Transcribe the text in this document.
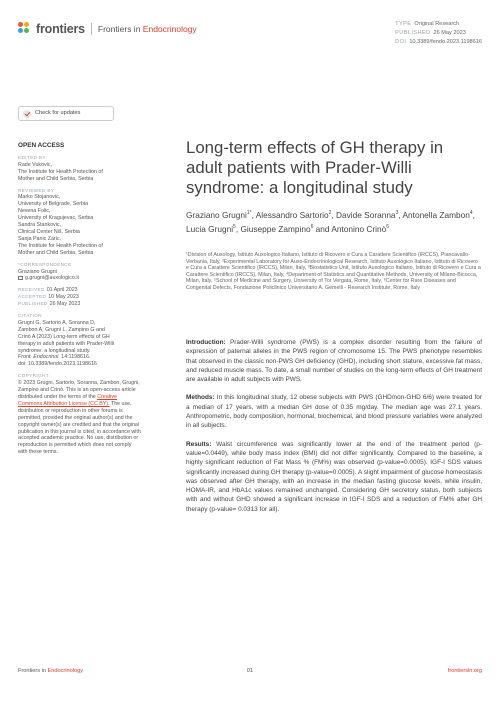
frontiers Frontiers in Endocrinology	TYPE Original Research
PUBLISHED 26 May 2023
DOI 10.3389/fendo.2023.1198616
Check for updates
OPEN ACCESS
EDITED BY
Rade Vukovic,
The Institute for Health Protection of
Mother and Child Serbia, Serbia
REVIEWED BY
Marko Stojanovic,
University of Belgrade, Serbia
Nevena Folic,
University of Kragujevac, Serbia
Sandra Stankovic,
Clinical Center Niš, Serbia
Sanja Panic Zaric,
The Institute for Health Protection of
Mother and Child Serbia, Serbia
*CORRESPONDENCE
Graziano Grugni
g.grugni@auxologico.it
RECEIVED 01 April 2023
ACCEPTED 10 May 2023
PUBLISHED 26 May 2023
CITATION
Grugni G, Sartorio A, Soranna D,
Zambon A, Grugni L, Zampino G and
Crinò A (2023) Long-term effects of GH
therapy in adult patients with Prader-Willi
syndrome: a longitudinal study.
Front. Endocrinol. 14:1198616.
doi: 10.3389/fendo.2023.1198616
COPYRIGHT
© 2023 Grugni, Sartorio, Soranna, Zambon, Grugni, Zampino and Crinò. This is an open-access article distributed under the terms of the Creative Commons Attribution License (CC BY). The use, distribution or reproduction in other forums is permitted, provided the original author(s) and the copyright owner(s) are credited and that the original publication in this journal is cited, in accordance with accepted academic practice. No use, distribution or reproduction is permitted which does not comply with these terms.
Long-term effects of GH therapy in adult patients with Prader-Willi syndrome: a longitudinal study
Graziano Grugni$^{1*}$, Alessandro Sartorio$^2$, Davide Soranna$^3$, Antonella Zambon$^4$, Lucia Grugni$^5$, Giuseppe Zampino$^6$ and Antonino Crinò$^6$
¹Division of Auxology, Istituto Auxologico Italiano, Istituto di Ricovero e Cura a Carattere Scientifico (IRCCS), Piancavallo-Verbania, Italy, ²Experimental Laboratory for Auxo-Endocrinological Research, Istituto Auxologico Italiano, Istituto di Ricovero e Cura a Carattere Scientifico (IRCCS), Milan, Italy, ³Biostatistics Unit, Istituto Auxologico Italiano, Istituto di Ricovero e Cura a Carattere Scientifico (IRCCS), Milan, Italy, ⁴Department of Statistics and Quantitative Methods, University of Milano-Bicocca, Milan, Italy, ⁵School of Medicine and Surgery, University of Tor Vergata, Rome, Italy, ⁶Center for Rare Diseases and Congenital Defects, Fondazione Policlinico Universitario A. Gemelli - Research Institute, Rome, Italy

Introduction: Prader-Willi syndrome (PWS) is a complex disorder resulting from the failure of expression of paternal alleles in the PWS region of chromosome 15. The PWS phenotype resembles that observed in the classic non-PWS GH deficiency (GHD), including short stature, excessive fat mass, and reduced muscle mass. To date, a small number of studies on the long-term effects of GH treatment are available in adult subjects with PWS.

Methods: In this longitudinal study, 12 obese subjects with PWS (GHD/non-GHD 6/6) were treated for a median of 17 years, with a median GH dose of 0.35 mg/day. The median age was 27.1 years. Anthropometric, body composition, hormonal, biochemical, and blood pressure variables were analyzed in all subjects.

Results: Waist circumference was significantly lower at the end of the treatment period (p-value=0.0449), while body mass index (BMI) did not differ significantly. Compared to the baseline, a highly significant reduction of Fat Mass % (FM%) was observed (p-value=0.0005). IGF-I SDS values significantly increased during GH therapy (p-value=0.0005). A slight impairment of glucose homeostasis was observed after GH therapy, with an increase in the median fasting glucose levels, while insulin, HOMA-IR, and HbA1c values remained unchanged. Considering GH secretory status, both subjects with and without GHD showed a significant increase in IGF-I SDS and a reduction of FM% after GH therapy (p-value= 0.0313 for all).

Frontiers in Endocrinology	01	frontiersin.org
